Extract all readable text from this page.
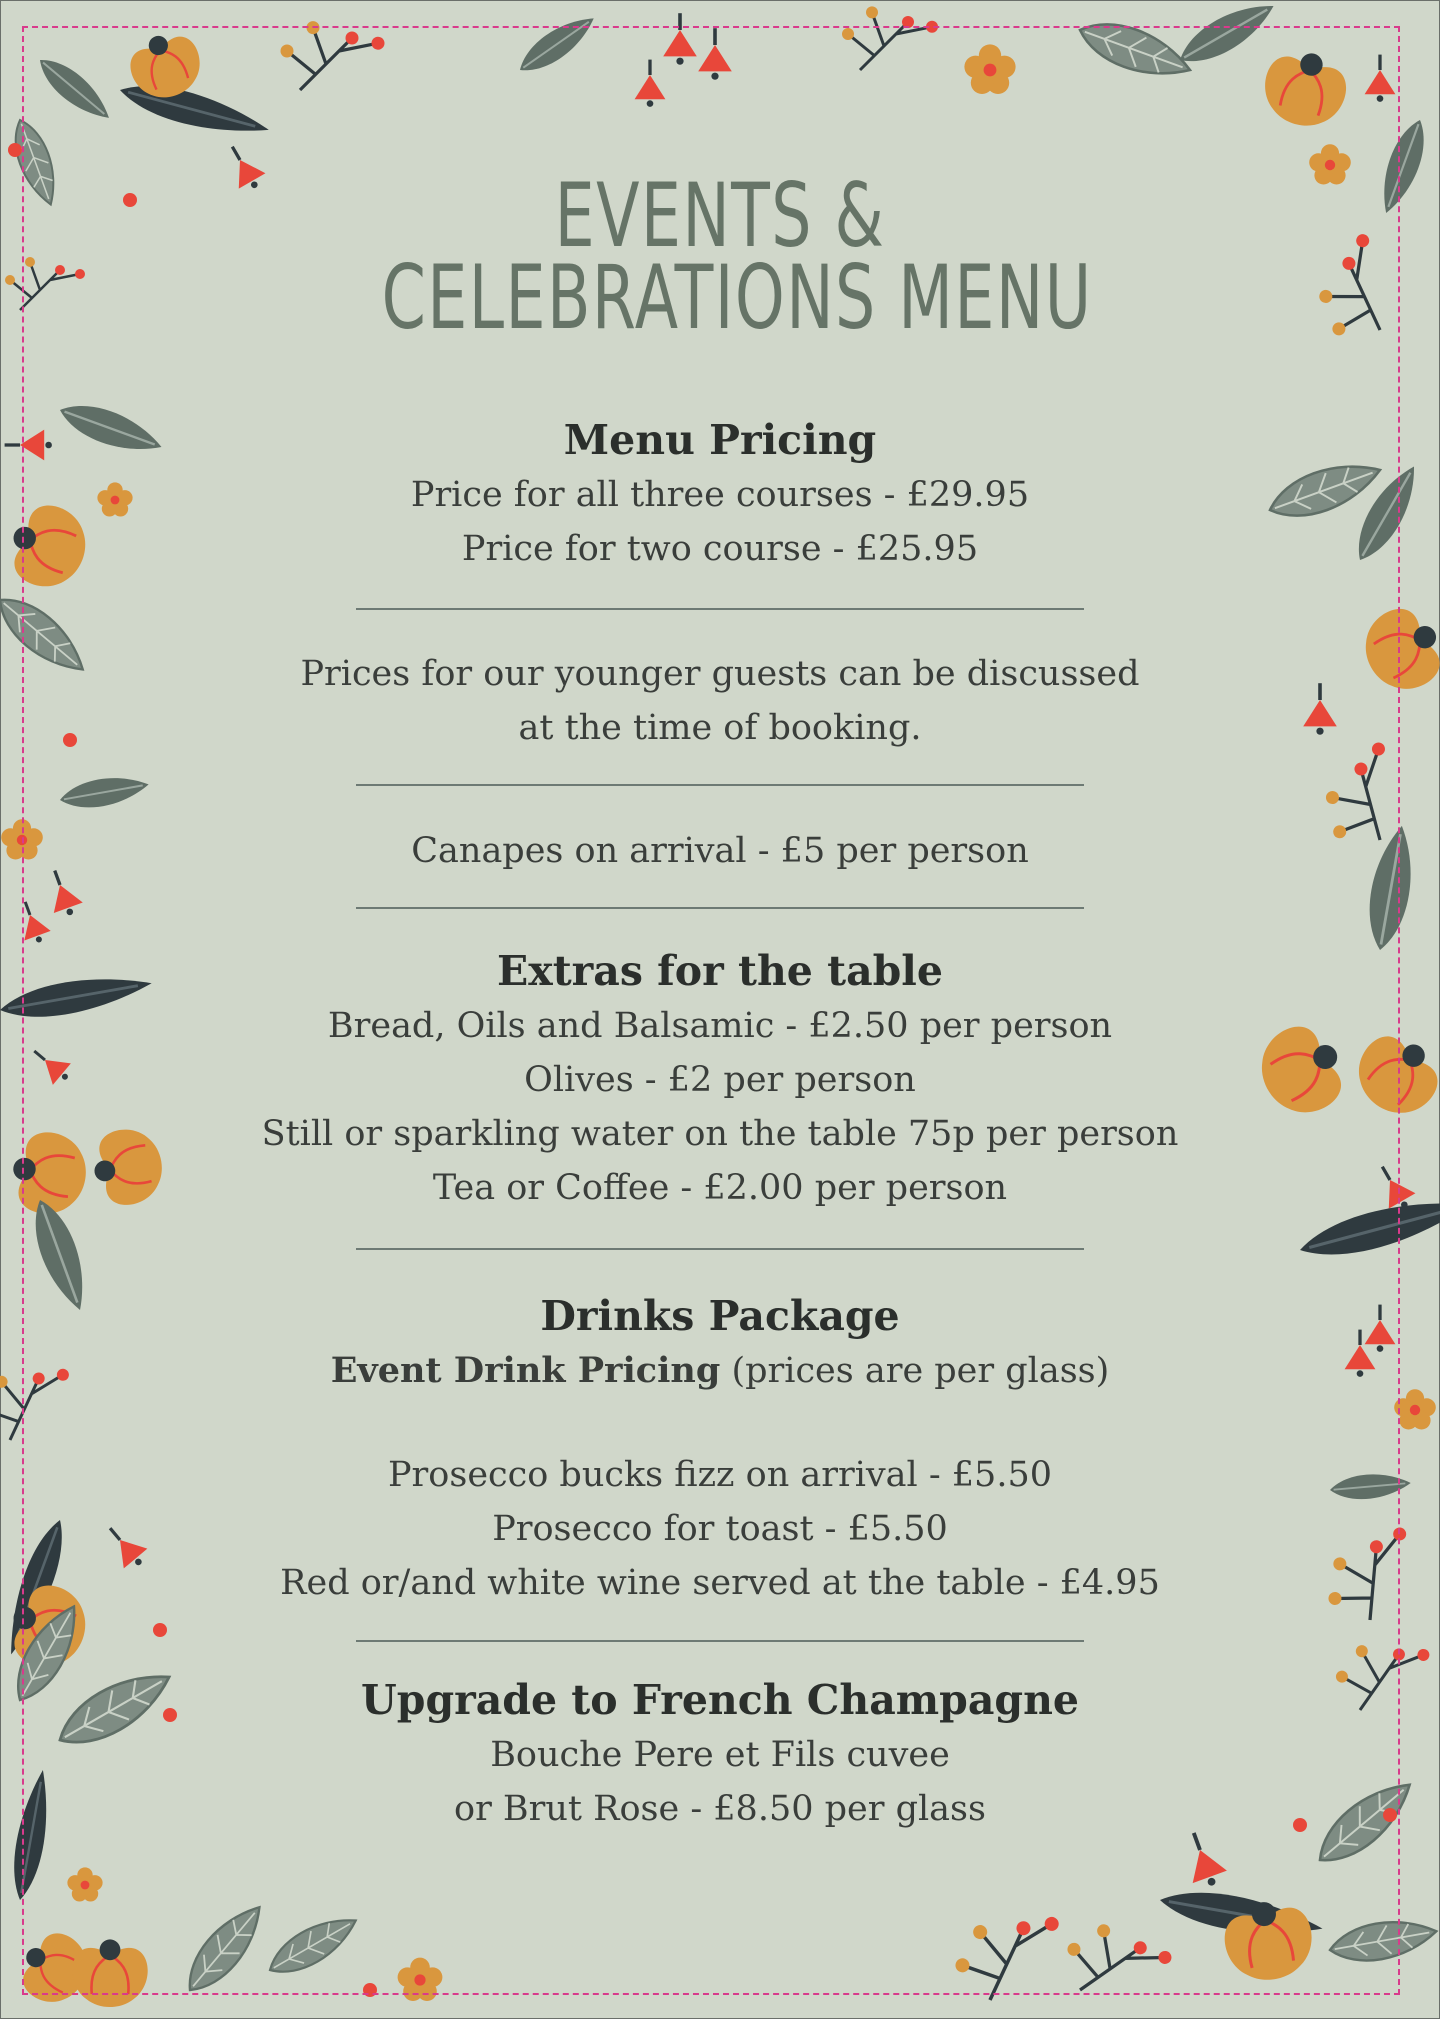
EVENTS &
CELEBRATIONS MENU

Menu Pricing

Price for all three courses - £29.95

Price for two course - £25.95

Prices for our younger guests can be discussed

at the time of booking.

Canapes on arrival - £5 per person

Extras for the table

Bread, Oils and Balsamic - £2.50 per person

Olives - £2 per person

Still or sparkling water on the table 75p per person

Tea or Coffee - £2.00 per person

Drinks Package

Event Drink Pricing (prices are per glass)

Prosecco bucks fizz on arrival - £5.50

Prosecco for toast - £5.50

Red or/and white wine served at the table - £4.95

Upgrade to French Champagne

Bouche Pere et Fils cuvee

or Brut Rose - £8.50 per glass
